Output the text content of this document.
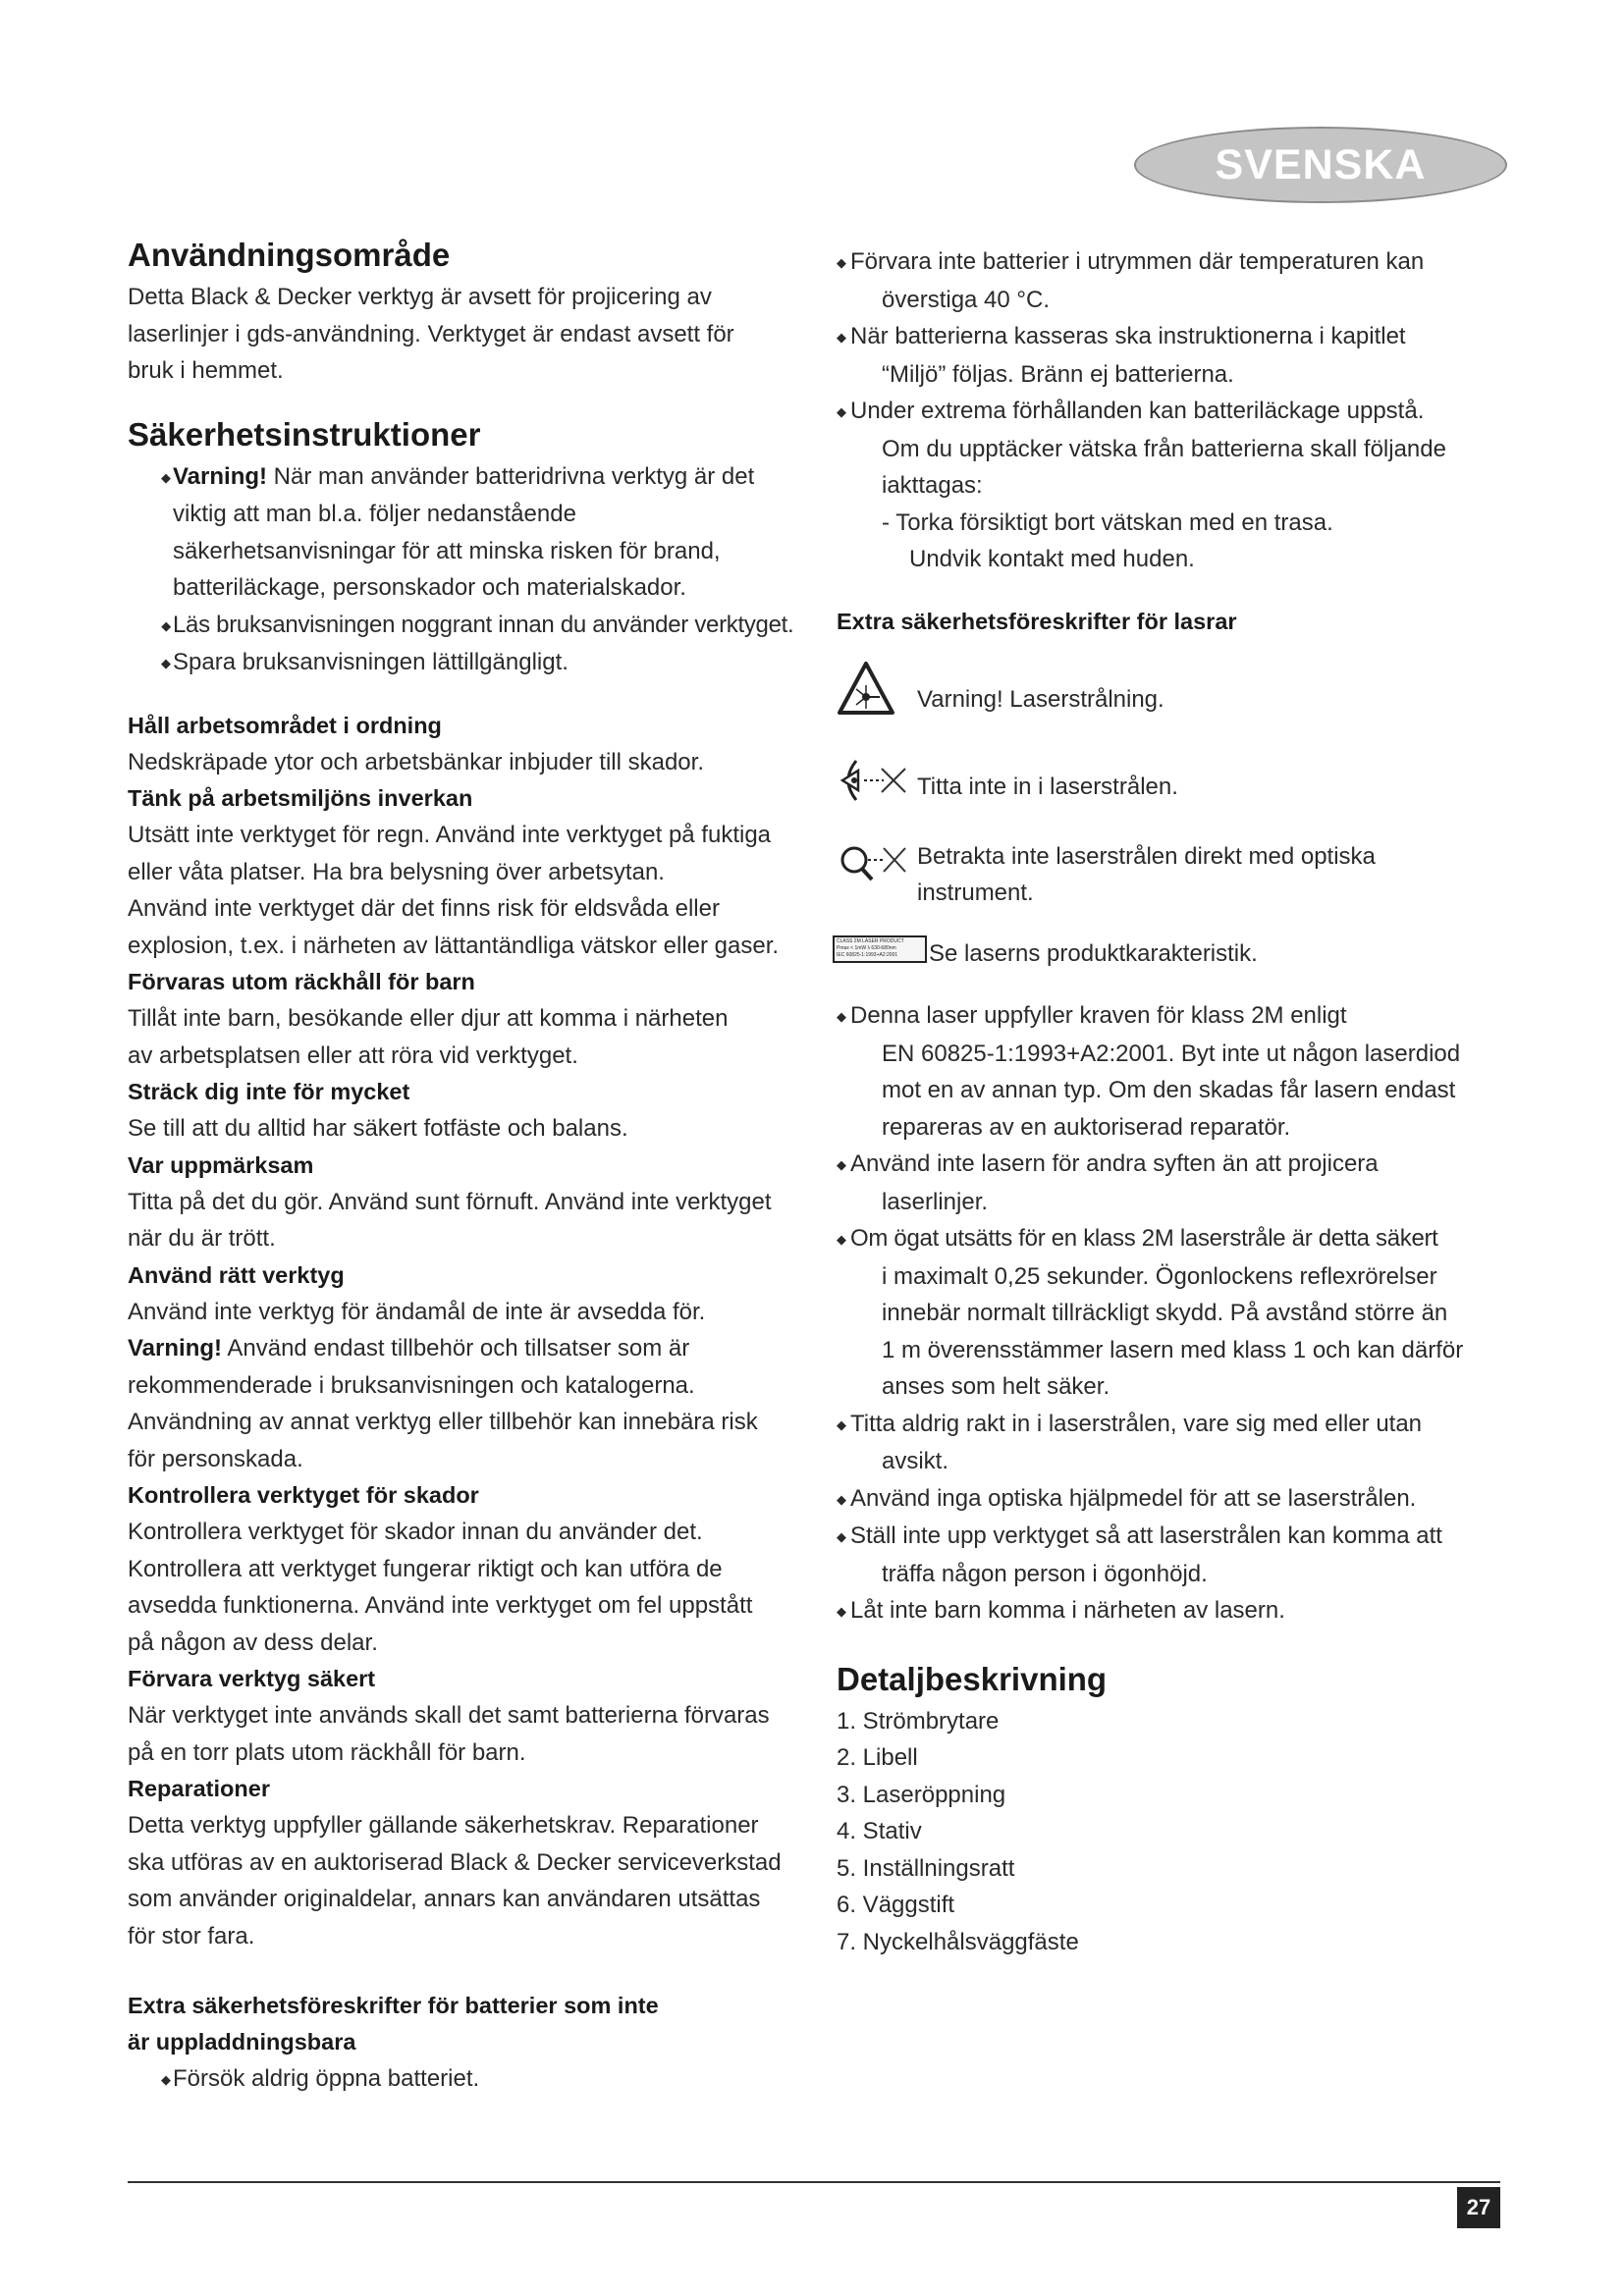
SVENSKA
Användningsområde

Detta Black & Decker verktyg är avsett för projicering av

laserlinjer i gds-användning. Verktyget är endast avsett för

bruk i hemmet.

Säkerhetsinstruktioner

◆Varning! När man använder batteridrivna verktyg är det

viktig att man bl.a. följer nedanstående

säkerhetsanvisningar för att minska risken för brand,

batteriläckage, personskador och materialskador.

◆Läs bruksanvisningen noggrant innan du använder verktyget.

◆Spara bruksanvisningen lättillgängligt.

Håll arbetsområdet i ordning

Nedskräpade ytor och arbetsbänkar inbjuder till skador.

Tänk på arbetsmiljöns inverkan

Utsätt inte verktyget för regn. Använd inte verktyget på fuktiga

eller våta platser. Ha bra belysning över arbetsytan.

Använd inte verktyget där det finns risk för eldsvåda eller

explosion, t.ex. i närheten av lättantändliga vätskor eller gaser.

Förvaras utom räckhåll för barn

Tillåt inte barn, besökande eller djur att komma i närheten

av arbetsplatsen eller att röra vid verktyget.

Sträck dig inte för mycket

Se till att du alltid har säkert fotfäste och balans.

Var uppmärksam

Titta på det du gör. Använd sunt förnuft. Använd inte verktyget

när du är trött.

Använd rätt verktyg

Använd inte verktyg för ändamål de inte är avsedda för.

Varning! Använd endast tillbehör och tillsatser som är

rekommenderade i bruksanvisningen och katalogerna.

Användning av annat verktyg eller tillbehör kan innebära risk

för personskada.

Kontrollera verktyget för skador

Kontrollera verktyget för skador innan du använder det.

Kontrollera att verktyget fungerar riktigt och kan utföra de

avsedda funktionerna. Använd inte verktyget om fel uppstått

på någon av dess delar.

Förvara verktyg säkert

När verktyget inte används skall det samt batterierna förvaras

på en torr plats utom räckhåll för barn.

Reparationer

Detta verktyg uppfyller gällande säkerhetskrav. Reparationer

ska utföras av en auktoriserad Black & Decker serviceverkstad

som använder originaldelar, annars kan användaren utsättas

för stor fara.

Extra säkerhetsföreskrifter för batterier som inte
är uppladdningsbara

◆Försök aldrig öppna batteriet.

◆ Förvara inte batterier i utrymmen där temperaturen kan

överstiga 40 °C.

◆ När batterierna kasseras ska instruktionerna i kapitlet

“Miljö” följas. Bränn ej batterierna.

◆ Under extrema förhållanden kan batteriläckage uppstå.

Om du upptäcker vätska från batterierna skall följande

iakttagas:

- Torka försiktigt bort vätskan med en trasa.

Undvik kontakt med huden.

Extra säkerhetsföreskrifter för lasrar
Varning! Laserstrålning.
Titta inte in i laserstrålen.
Betrakta inte laserstrålen direkt med optiska
instrument.
CLASS 2M LASER PRODUCT
Pmax < 1mW λ 630-680nm
IEC 60825-1:1993+A2:2001	Se laserns produktkarakteristik.

◆ Denna laser uppfyller kraven för klass 2M enligt

EN 60825-1:1993+A2:2001. Byt inte ut någon laserdiod

mot en av annan typ. Om den skadas får lasern endast

repareras av en auktoriserad reparatör.

◆ Använd inte lasern för andra syften än att projicera

laserlinjer.

◆ Om ögat utsätts för en klass 2M laserstråle är detta säkert

i maximalt 0,25 sekunder. Ögonlockens reflexrörelser

innebär normalt tillräckligt skydd. På avstånd större än

1 m överensstämmer lasern med klass 1 och kan därför

anses som helt säker.

◆ Titta aldrig rakt in i laserstrålen, vare sig med eller utan

avsikt.

◆ Använd inga optiska hjälpmedel för att se laserstrålen.

◆ Ställ inte upp verktyget så att laserstrålen kan komma att

träffa någon person i ögonhöjd.

◆ Låt inte barn komma i närheten av lasern.

Detaljbeskrivning
1. Strömbrytare
2. Libell
3. Laseröppning
4. Stativ
5. Inställningsratt
6. Väggstift
7. Nyckelhålsväggfäste
27
